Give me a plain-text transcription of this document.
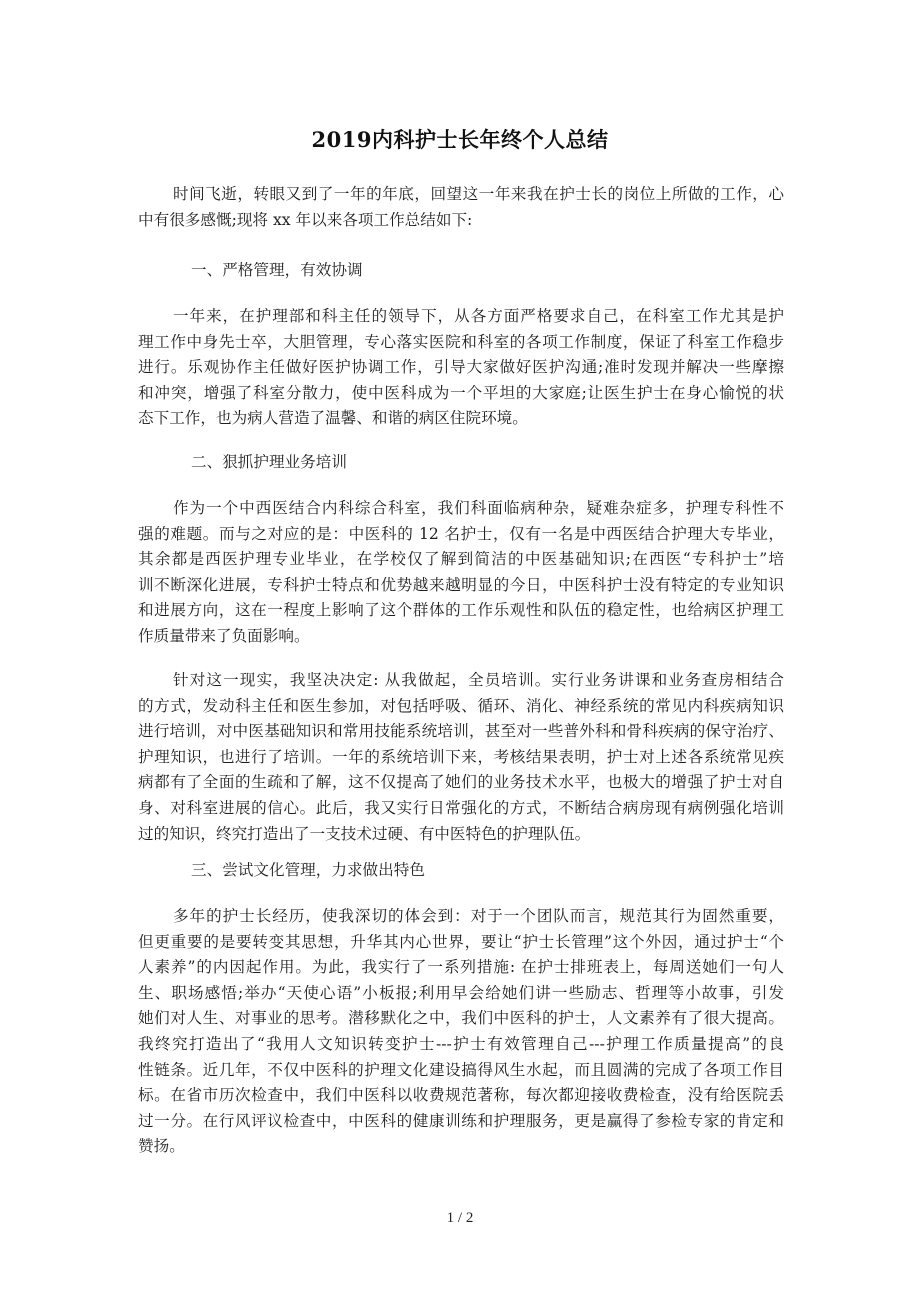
2019内科护士长年终个人总结
时间飞逝，转眼又到了一年的年底，回望这一年来我在护士长的岗位上所做的工作，心
中有很多感慨;现将 xx 年以来各项工作总结如下:
一、严格管理，有效协调
一年来，在护理部和科主任的领导下，从各方面严格要求自己，在科室工作尤其是护
理工作中身先士卒，大胆管理，专心落实医院和科室的各项工作制度，保证了科室工作稳步
进行。乐观协作主任做好医护协调工作，引导大家做好医护沟通;准时发现并解决一些摩擦
和冲突，增强了科室分散力，使中医科成为一个平坦的大家庭;让医生护士在身心愉悦的状
态下工作，也为病人营造了温馨、和谐的病区住院环境。
二、狠抓护理业务培训
作为一个中西医结合内科综合科室，我们科面临病种杂，疑难杂症多，护理专科性不
强的难题。而与之对应的是：中医科的 12 名护士，仅有一名是中西医结合护理大专毕业，
其余都是西医护理专业毕业，在学校仅了解到简洁的中医基础知识;在西医“专科护士”培
训不断深化进展，专科护士特点和优势越来越明显的今日，中医科护士没有特定的专业知识
和进展方向，这在一程度上影响了这个群体的工作乐观性和队伍的稳定性，也给病区护理工
作质量带来了负面影响。
针对这一现实，我坚决决定: 从我做起，全员培训。实行业务讲课和业务查房相结合
的方式，发动科主任和医生参加，对包括呼吸、循环、消化、神经系统的常见内科疾病知识
进行培训，对中医基础知识和常用技能系统培训，甚至对一些普外科和骨科疾病的保守治疗、
护理知识，也进行了培训。一年的系统培训下来，考核结果表明，护士对上述各系统常见疾
病都有了全面的生疏和了解，这不仅提高了她们的业务技术水平，也极大的增强了护士对自
身、对科室进展的信心。此后，我又实行日常强化的方式，不断结合病房现有病例强化培训
过的知识，终究打造出了一支技术过硬、有中医特色的护理队伍。
三、尝试文化管理，力求做出特色
多年的护士长经历，使我深切的体会到：对于一个团队而言，规范其行为固然重要，
但更重要的是要转变其思想，升华其内心世界，要让“护士长管理”这个外因，通过护士“个
人素养”的内因起作用。为此，我实行了一系列措施: 在护士排班表上，每周送她们一句人
生、职场感悟;举办“天使心语”小板报;利用早会给她们讲一些励志、哲理等小故事，引发
她们对人生、对事业的思考。潜移默化之中，我们中医科的护士，人文素养有了很大提高。
我终究打造出了“我用人文知识转变护士---护士有效管理自己---护理工作质量提高”的良
性链条。近几年，不仅中医科的护理文化建设搞得风生水起，而且圆满的完成了各项工作目
标。在省市历次检查中，我们中医科以收费规范著称，每次都迎接收费检查，没有给医院丢
过一分。在行风评议检查中，中医科的健康训练和护理服务，更是赢得了参检专家的肯定和
赞扬。
1 / 2
